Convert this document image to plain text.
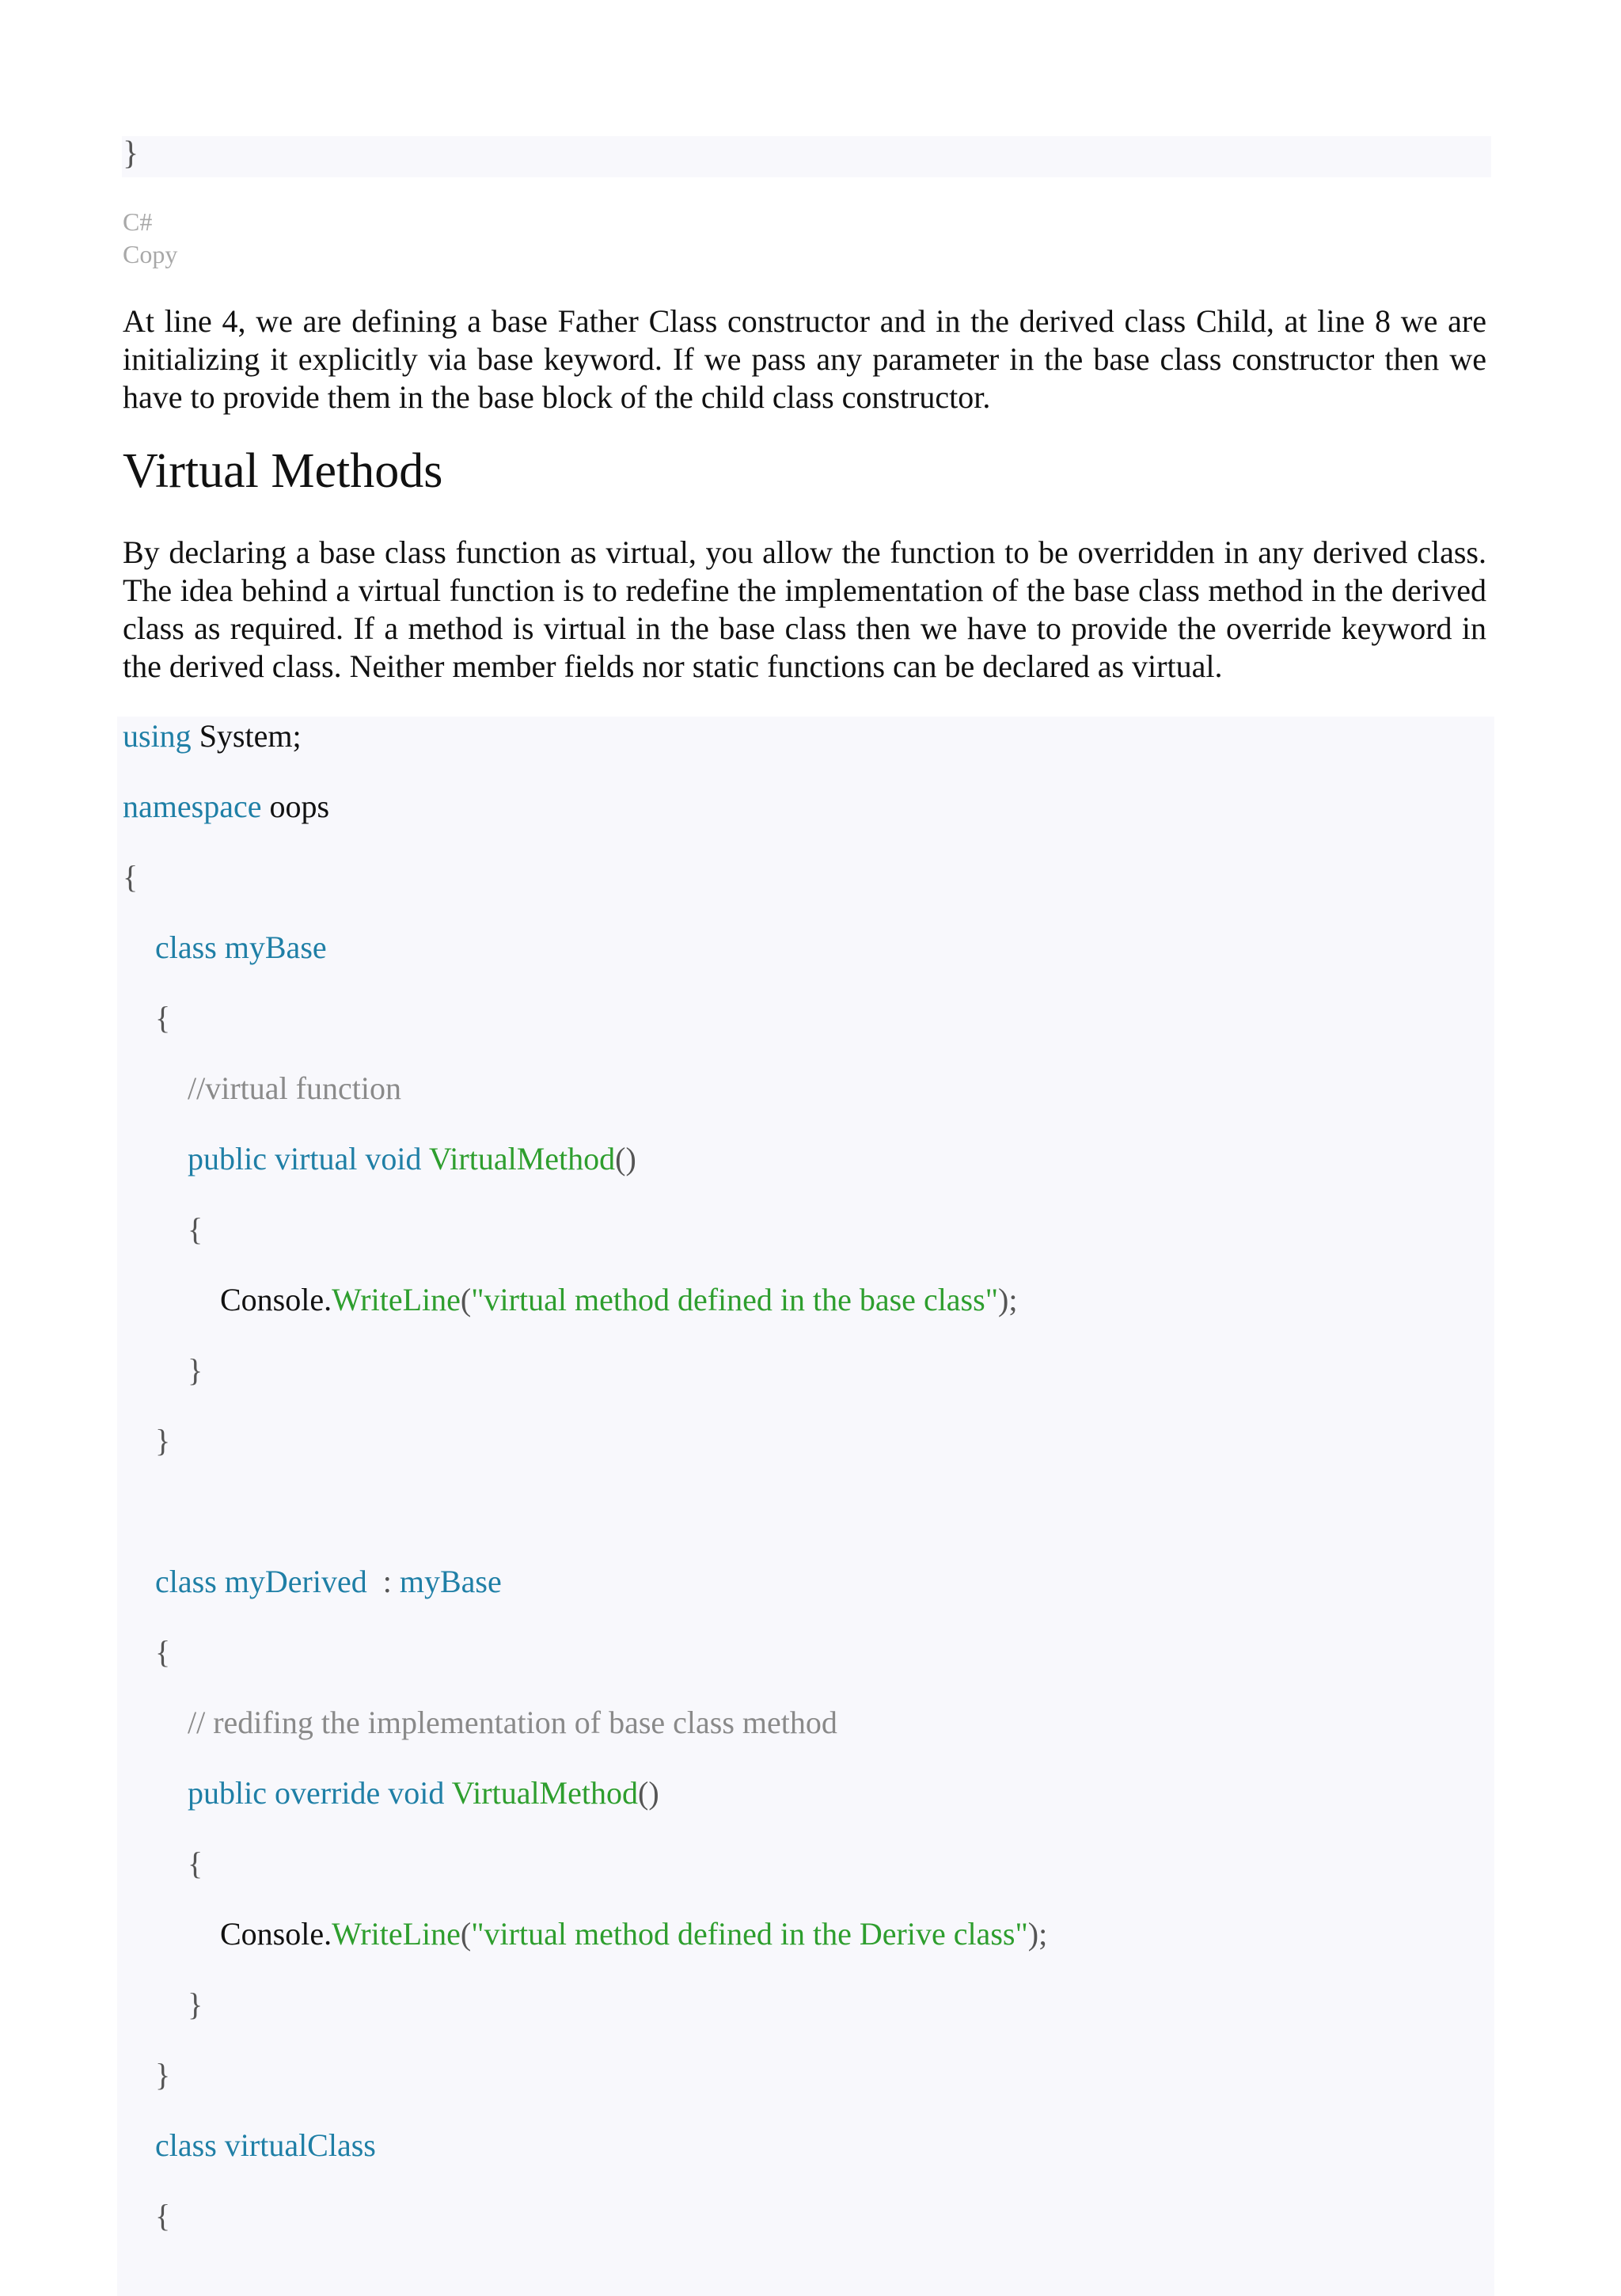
}
C#
Copy

At line 4, we are defining a base Father Class constructor and in the derived class Child, at line 8 we are initializing it explicitly via base keyword. If we pass any parameter in the base class constructor then we have to provide them in the base block of the child class constructor.

Virtual Methods

By declaring a base class function as virtual, you allow the function to be overridden in any derived class. The idea behind a virtual function is to redefine the implementation of the base class method in the derived class as required. If a method is virtual in the base class then we have to provide the override keyword in the derived class. Neither member fields nor static functions can be declared as virtual.

using System;
namespace oops
{
class myBase
{
//virtual function
public virtual void VirtualMethod()
{
Console.WriteLine("virtual method defined in the base class");
}
}
class myDerived : myBase
{
// redifing the implementation of base class method
public override void VirtualMethod()
{
Console.WriteLine("virtual method defined in the Derive class");
}
}
class virtualClass
{
